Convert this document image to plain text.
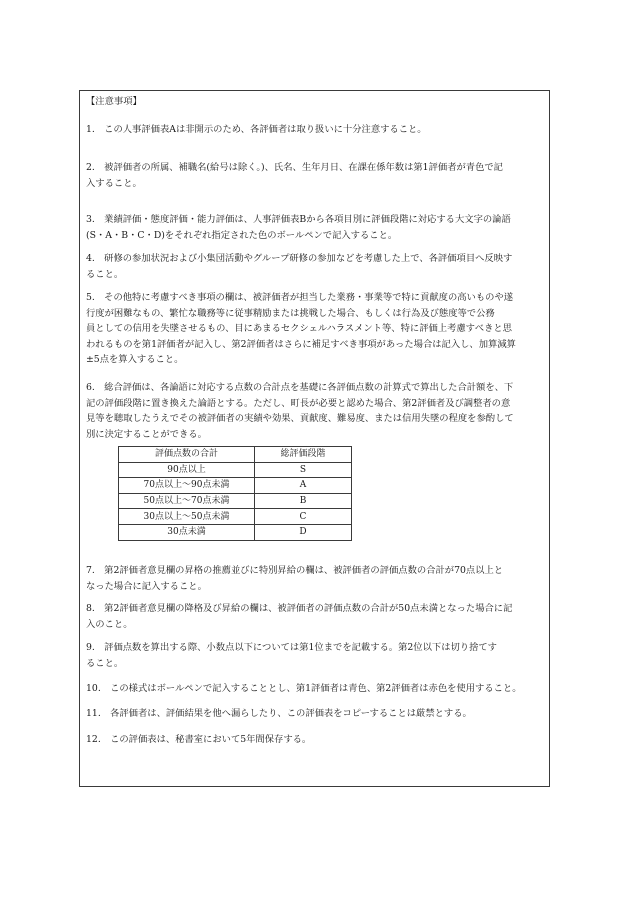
【注意事項】
1.　この人事評価表Aは非開示のため、各評価者は取り扱いに十分注意すること。
2.　被評価者の所属、補職名(給号は除く。)、氏名、生年月日、在課在係年数は第1評価者が青色で記
入すること。
3.　業績評価・態度評価・能力評価は、人事評価表Bから各項目別に評価段階に対応する大文字の論語
(S・A・B・C・D)をそれぞれ指定された色のボールペンで記入すること。
4.　研修の参加状況および小集団活動やグループ研修の参加などを考慮した上で、各評価項目へ反映す
ること。
5.　その他特に考慮すべき事項の欄は、被評価者が担当した業務・事業等で特に貢献度の高いものや遂
行度が困難なもの、繁忙な職務等に従事精励または挑戦した場合、もしくは行為及び態度等で公務
員としての信用を失墜させるもの、目にあまるセクシェルハラスメント等、特に評価上考慮すべきと思
われるものを第1評価者が記入し、第2評価者はさらに補足すべき事項があった場合は記入し、加算減算
±5点を算入すること。
6.　総合評価は、各論語に対応する点数の合計点を基礎に各評価点数の計算式で算出した合計額を、下
記の評価段階に置き換えた論語とする。ただし、町長が必要と認めた場合、第2評価者及び調整者の意
見等を聴取したうえでその被評価者の実績や効果、貢献度、難易度、または信用失墜の程度を参酌して
別に決定することができる。
評価点数の合計	総評価段階
90点以上	S
70点以上～90点未満	A
50点以上～70点未満	B
30点以上～50点未満	C
30点未満	D
7.　第2評価者意見欄の昇格の推薦並びに特別昇給の欄は、被評価者の評価点数の合計が70点以上と
なった場合に記入すること。
8.　第2評価者意見欄の降格及び昇給の欄は、被評価者の評価点数の合計が50点未満となった場合に記
入のこと。
9.　評価点数を算出する際、小数点以下については第1位までを記載する。第2位以下は切り捨てす
ること。
10.　この様式はボールペンで記入することとし、第1評価者は青色、第2評価者は赤色を使用すること。
11.　各評価者は、評価結果を他へ漏らしたり、この評価表をコピーすることは厳禁とする。
12.　この評価表は、秘書室において5年間保存する。
